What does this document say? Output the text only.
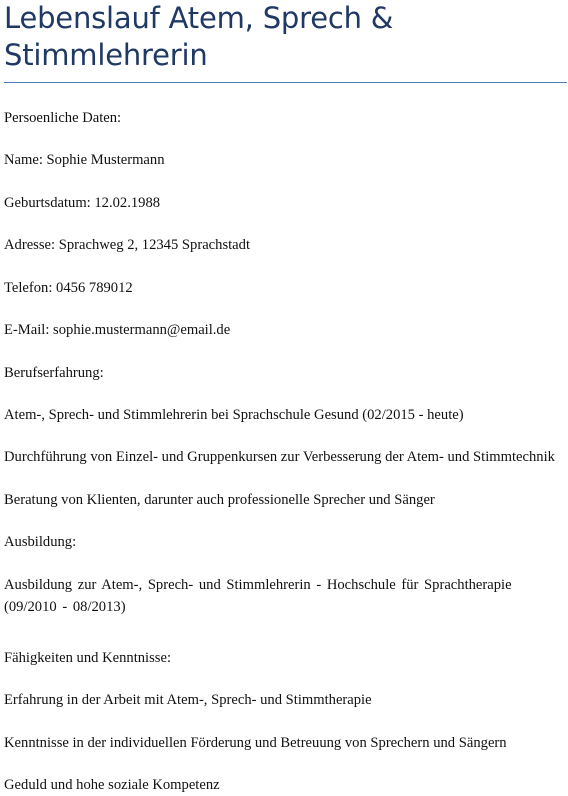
Lebenslauf Atem, Sprech & Stimmlehrerin

Persoenliche Daten:

Name: Sophie Mustermann

Geburtsdatum: 12.02.1988

Adresse: Sprachweg 2, 12345 Sprachstadt

Telefon: 0456 789012

E-Mail: sophie.mustermann@email.de

Berufserfahrung:

Atem-, Sprech- und Stimmlehrerin bei Sprachschule Gesund (02/2015 - heute)

Durchführung von Einzel- und Gruppenkursen zur Verbesserung der Atem- und Stimmtechnik

Beratung von Klienten, darunter auch professionelle Sprecher und Sänger

Ausbildung:

Ausbildung zur Atem-, Sprech- und Stimmlehrerin - Hochschule für Sprachtherapie (09/2010 - 08/2013)

Fähigkeiten und Kenntnisse:

Erfahrung in der Arbeit mit Atem-, Sprech- und Stimmtherapie

Kenntnisse in der individuellen Förderung und Betreuung von Sprechern und Sängern

Geduld und hohe soziale Kompetenz
